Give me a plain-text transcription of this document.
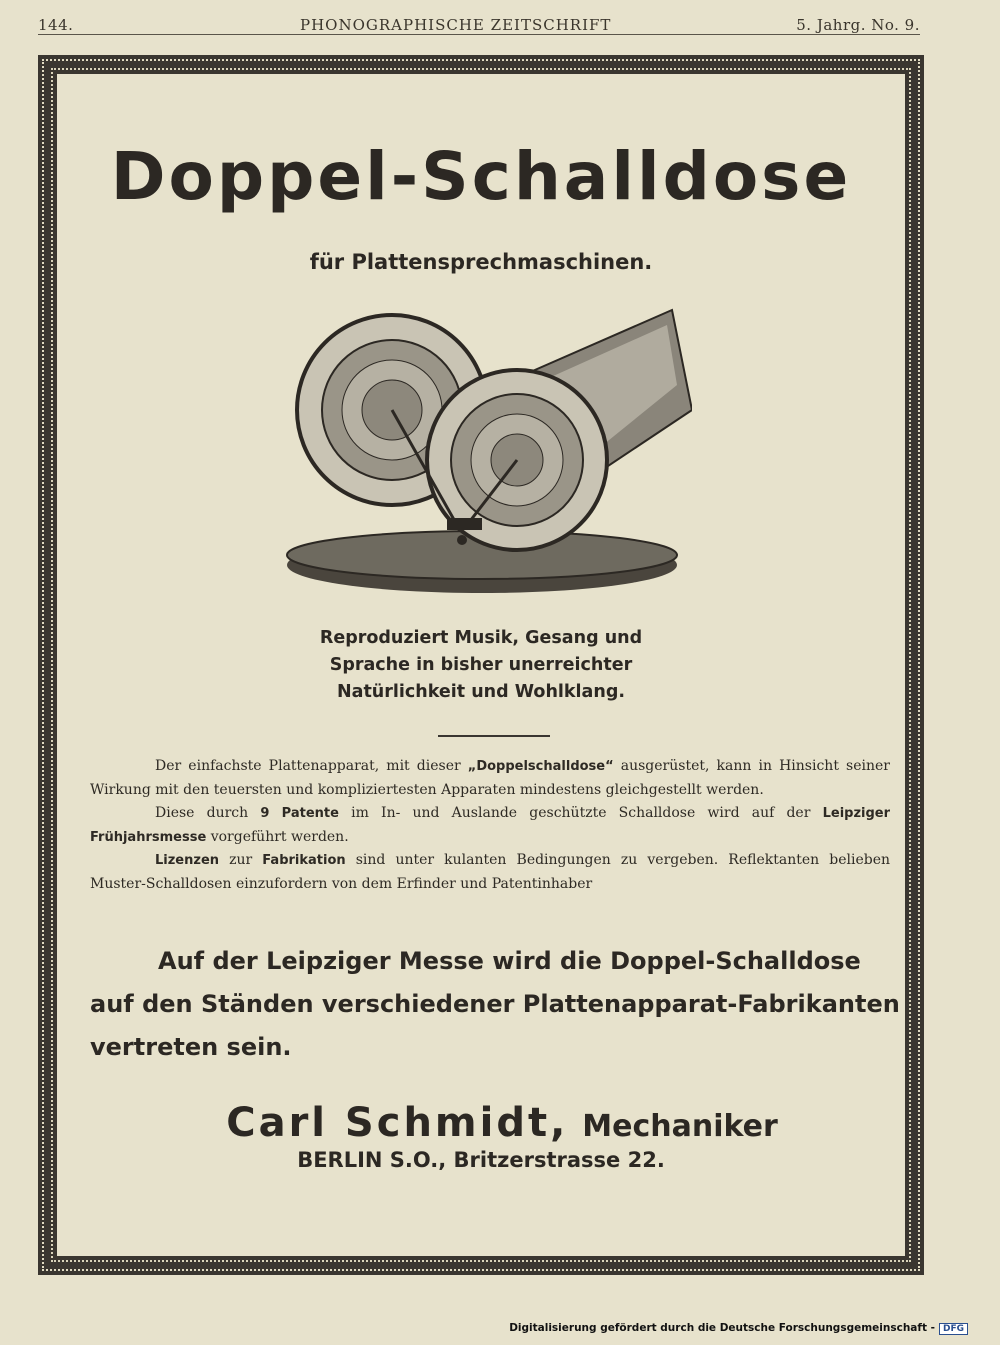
144.	PHONOGRAPHISCHE ZEITSCHRIFT	5. Jahrg. No. 9.
Doppel-Schalldose
für Plattensprechmaschinen.
Reproduziert Musik, Gesang und
Sprache in bisher unerreichter
Natürlichkeit und Wohlklang.

Der einfachste Plattenapparat, mit dieser „Doppelschalldose“ ausgerüstet, kann in Hinsicht seiner Wirkung mit den teuersten und kompliziertesten Apparaten mindestens gleichgestellt werden.

Diese durch 9 Patente im In- und Auslande geschützte Schalldose wird auf der Leipziger Frühjahrsmesse vorgeführt werden.

Lizenzen zur Fabrikation sind unter kulanten Bedingungen zu vergeben. Reflektanten belieben Muster-Schalldosen einzufordern von dem Erfinder und Patentinhaber

Auf der Leipziger Messe wird die Doppel-Schalldose

auf den Ständen verschiedener Plattenapparat-Fabrikanten

vertreten sein.

Carl Schmidt, Mechaniker
BERLIN S.O., Britzerstrasse 22.
Digitalisierung gefördert durch die Deutsche Forschungsgemeinschaft - DFG
